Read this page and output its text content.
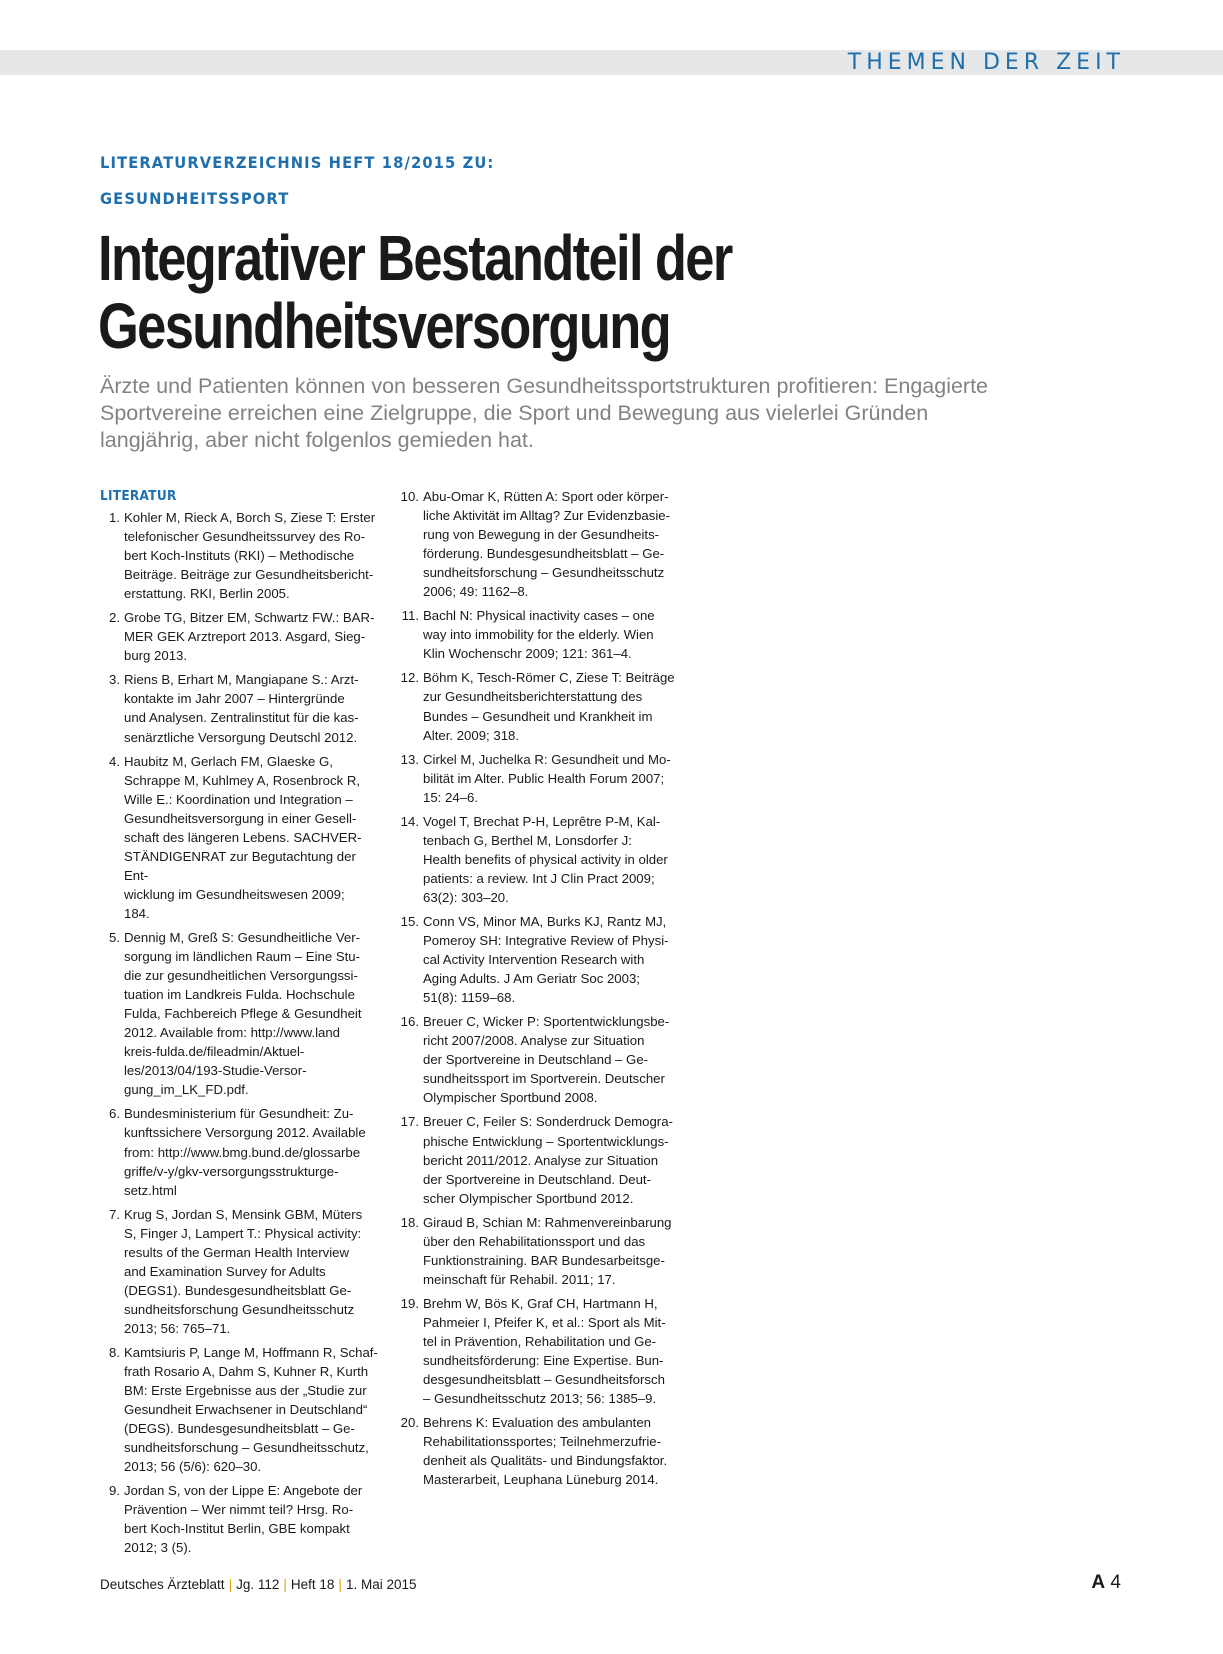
THEMEN DER ZEIT
LITERATURVERZEICHNIS HEFT 18/2015 ZU:
GESUNDHEITSSPORT
Integrativer Bestandteil der
Gesundheitsversorgung

Ärzte und Patienten können von besseren Gesundheitssportstrukturen profitieren: Engagierte Sportvereine erreichen eine Zielgruppe, die Sport und Bewegung aus vielerlei Gründen langjährig, aber nicht folgenlos gemieden hat.

LITERATUR
1. Kohler M, Rieck A, Borch S, Ziese T: Erster
telefonischer Gesundheitssurvey des Ro-
bert Koch-Instituts (RKI) – Methodische
Beiträge. Beiträge zur Gesundheitsbericht-
erstattung. RKI, Berlin 2005.
2. Grobe TG, Bitzer EM, Schwartz FW.: BAR-
MER GEK Arztreport 2013. Asgard, Sieg-
burg 2013.
3. Riens B, Erhart M, Mangiapane S.: Arzt-
kontakte im Jahr 2007 – Hintergründe
und Analysen. Zentralinstitut für die kas-
senärztliche Versorgung Deutschl 2012.
4. Haubitz M, Gerlach FM, Glaeske G,
Schrappe M, Kuhlmey A, Rosenbrock R,
Wille E.: Koordination und Integration –
Gesundheitsversorgung in einer Gesell-
schaft des längeren Lebens. SACHVER-
STÄNDIGENRAT zur Begutachtung der Ent-
wicklung im Gesundheitswesen 2009;
184.
5. Dennig M, Greß S: Gesundheitliche Ver-
sorgung im ländlichen Raum – Eine Stu-
die zur gesundheitlichen Versorgungssi-
tuation im Landkreis Fulda. Hochschule
Fulda, Fachbereich Pflege & Gesundheit
2012. Available from: http://www.land
kreis-fulda.de/fileadmin/Aktuel-
les/2013/04/193-Studie-Versor-
gung_im_LK_FD.pdf.
6. Bundesministerium für Gesundheit: Zu-
kunftssichere Versorgung 2012. Available
from: http://www.bmg.bund.de/glossarbe
griffe/v-y/gkv-versorgungsstrukturge-
setz.html
7. Krug S, Jordan S, Mensink GBM, Müters
S, Finger J, Lampert T.: Physical activity:
results of the German Health Interview
and Examination Survey for Adults
(DEGS1). Bundesgesundheitsblatt Ge-
sundheitsforschung Gesundheitsschutz
2013; 56: 765–71.
8. Kamtsiuris P, Lange M, Hoffmann R, Schaf-
frath Rosario A, Dahm S, Kuhner R, Kurth
BM: Erste Ergebnisse aus der „Studie zur
Gesundheit Erwachsener in Deutschland“
(DEGS). Bundesgesundheitsblatt – Ge-
sundheitsforschung – Gesundheitsschutz,
2013; 56 (5/6): 620–30.
9. Jordan S, von der Lippe E: Angebote der
Prävention – Wer nimmt teil? Hrsg. Ro-
bert Koch-Institut Berlin, GBE kompakt
2012; 3 (5).
10. Abu-Omar K, Rütten A: Sport oder körper-
liche Aktivität im Alltag? Zur Evidenzbasie-
rung von Bewegung in der Gesundheits-
förderung. Bundesgesundheitsblatt – Ge-
sundheitsforschung – Gesundheitsschutz
2006; 49: 1162–8.
11. Bachl N: Physical inactivity cases – one
way into immobility for the elderly. Wien
Klin Wochenschr 2009; 121: 361–4.
12. Böhm K, Tesch-Römer C, Ziese T: Beiträge
zur Gesundheitsberichterstattung des
Bundes – Gesundheit und Krankheit im
Alter. 2009; 318.
13. Cirkel M, Juchelka R: Gesundheit und Mo-
bilität im Alter. Public Health Forum 2007;
15: 24–6.
14. Vogel T, Brechat P-H, Leprêtre P-M, Kal-
tenbach G, Berthel M, Lonsdorfer J:
Health benefits of physical activity in older
patients: a review. Int J Clin Pract 2009;
63(2): 303–20.
15. Conn VS, Minor MA, Burks KJ, Rantz MJ,
Pomeroy SH: Integrative Review of Physi-
cal Activity Intervention Research with
Aging Adults. J Am Geriatr Soc 2003;
51(8): 1159–68.
16. Breuer C, Wicker P: Sportentwicklungsbe-
richt 2007/2008. Analyse zur Situation
der Sportvereine in Deutschland – Ge-
sundheitssport im Sportverein. Deutscher
Olympischer Sportbund 2008.
17. Breuer C, Feiler S: Sonderdruck Demogra-
phische Entwicklung – Sportentwicklungs-
bericht 2011/2012. Analyse zur Situation
der Sportvereine in Deutschland. Deut-
scher Olympischer Sportbund 2012.
18. Giraud B, Schian M: Rahmenvereinbarung
über den Rehabilitationssport und das
Funktionstraining. BAR Bundesarbeitsge-
meinschaft für Rehabil. 2011; 17.
19. Brehm W, Bös K, Graf CH, Hartmann H,
Pahmeier I, Pfeifer K, et al.: Sport als Mit-
tel in Prävention, Rehabilitation und Ge-
sundheitsförderung: Eine Expertise. Bun-
desgesundheitsblatt – Gesundheitsforsch
– Gesundheitsschutz 2013; 56: 1385–9.
20. Behrens K: Evaluation des ambulanten
Rehabilitationssportes; Teilnehmerzufrie-
denheit als Qualitäts- und Bindungsfaktor.
Masterarbeit, Leuphana Lüneburg 2014.
Deutsches Ärzteblatt | Jg. 112 | Heft 18 | 1. Mai 2015	A 4
